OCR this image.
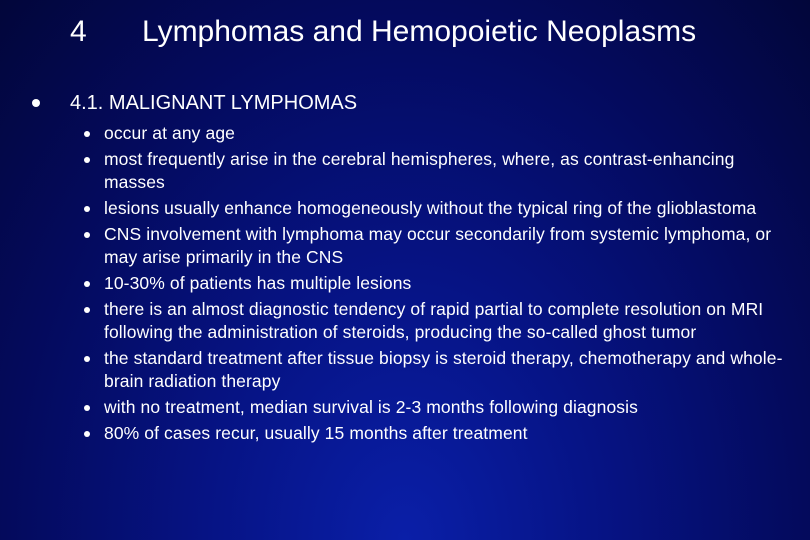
4 Lymphomas and Hemopoietic Neoplasms
4.1. MALIGNANT LYMPHOMAS
occur at any age
most frequently arise in the cerebral hemispheres, where, as contrast-enhancing masses
lesions usually enhance homogeneously without the typical ring of the glioblastoma
CNS involvement with lymphoma may occur secondarily from systemic lymphoma, or may arise primarily in the CNS
10-30% of patients has multiple lesions
there is an almost diagnostic tendency of rapid partial to complete resolution on MRI following the administration of steroids, producing the so-called ghost tumor
the standard treatment after tissue biopsy is steroid therapy, chemotherapy and whole-brain radiation therapy
with no treatment, median survival is 2-3 months following diagnosis
80% of cases recur, usually 15 months after treatment
